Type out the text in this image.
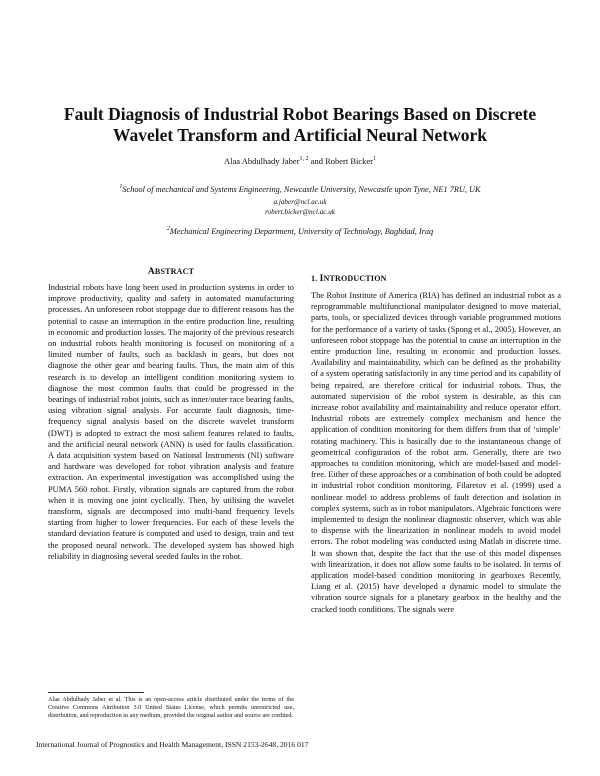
Fault Diagnosis of Industrial Robot Bearings Based on Discrete
Wavelet Transform and Artificial Neural Network
Alaa Abdulhady Jaber$^{1, 2}$ and Robert Bicker$^1$
$^1$School of mechanical and Systems Engineering, Newcastle University, Newcastle upon Tyne, NE1 7RU, UK
a.jaber@ncl.ac.uk
robert.bicker@ncl.ac.uk
$^2$Mechanical Engineering Department, University of Technology, Baghdad, Iraq
ABSTRACT
Industrial robots have long been used in production systems in order to improve productivity, quality and safety in automated manufacturing processes. An unforeseen robot stoppage due to different reasons has the potential to cause an interruption in the entire production line, resulting in economic and production losses. The majority of the previous research on industrial robots health monitoring is focused on monitoring of a limited number of faults, such as backlash in gears, but does not diagnose the other gear and bearing faults. Thus, the main aim of this research is to develop an intelligent condition monitoring system to diagnose the most common faults that could be progressed in the bearings of industrial robot joints, such as inner/outer race bearing faults, using vibration signal analysis. For accurate fault diagnosis, time-frequency signal analysis based on the discrete wavelet transform (DWT) is adopted to extract the most salient features related to faults, and the artificial neural network (ANN) is used for faults classification. A data acquisition system based on National Instruments (NI) software and hardware was developed for robot vibration analysis and feature extraction. An experimental investigation was accomplished using the PUMA 560 robot. Firstly, vibration signals are captured from the robot when it is moving one joint cyclically. Then, by utilising the wavelet transform, signals are decomposed into multi-band frequency levels starting from higher to lower frequencies. For each of these levels the standard deviation feature is computed and used to design, train and test the proposed neural network. The developed system has showed high reliability in diagnosing several seeded faults in the robot.
1. INTRODUCTION
The Robot Institute of America (RIA) has defined an industrial robot as a reprogrammable multifunctional manipulator designed to move material, parts, tools, or specialized devices through variable programmed motions for the performance of a variety of tasks (Spong et al., 2005). However, an unforeseen robot stoppage has the potential to cause an interruption in the entire production line, resulting in economic and production losses. Availability and maintainability, which can be defined as the probability of a system operating satisfactorily in any time period and its capability of being repaired, are therefore critical for industrial robots. Thus, the automated supervision of the robot system is desirable, as this can increase robot availability and maintainability and reduce operator effort. Industrial robots are extremely complex mechanism and hence the application of condition monitoring for them differs from that of ‘simple’ rotating machinery. This is basically due to the instantaneous change of geometrical configuration of the robot arm. Generally, there are two approaches to condition monitoring, which are model-based and model-free. Either of these approaches or a combination of both could be adopted in industrial robot condition monitoring. Filaretov et al. (1999) used a nonlinear model to address problems of fault detection and isolation in complex systems, such as in robot manipulators. Algebraic functions were implemented to design the nonlinear diagnostic observer, which was able to dispense with the linearization in nonlinear models to avoid model errors. The robot modeling was conducted using Matlab in discrete time. It was shown that, despite the fact that the use of this model dispenses with linearization, it does not allow some faults to be isolated. In terms of application model-based condition monitoring in gearboxes Recently, Liang et al. (2015) have developed a dynamic model to simulate the vibration source signals for a planetary gearbox in the healthy and the cracked tooth conditions. The signals were
Alaa Abdulhady Jaber et al. This is an open-access article distributed under the terms of the Creative Commons Attribution 3.0 United States License, which permits unrestricted use, distribution, and reproduction in any medium, provided the original author and source are credited.
International Journal of Prognostics and Health Management, ISSN 2153-2648, 2016 017
